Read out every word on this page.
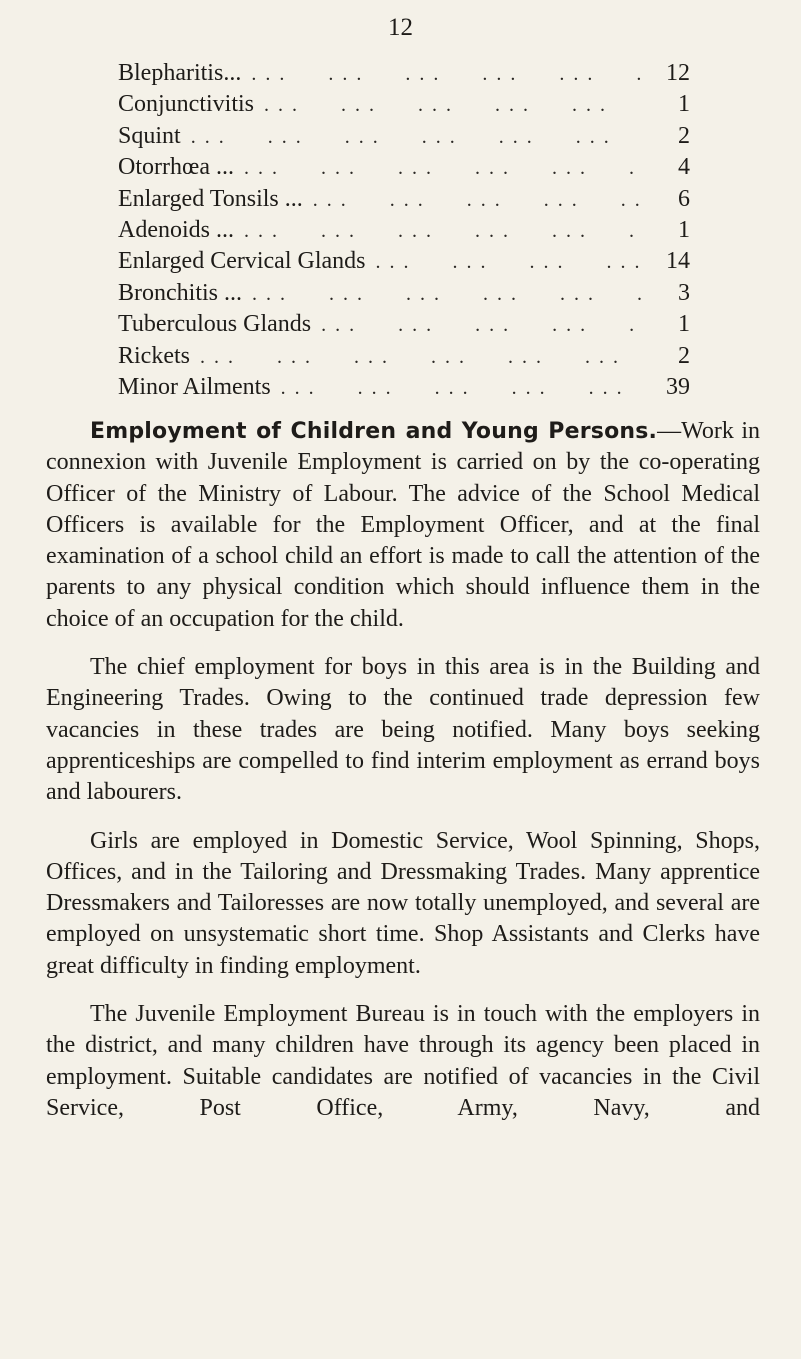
12
Blepharitis... . . .	12
Conjunctivitis . . .	1
Squint . . .	2
Otorrhœa ... . . .	4
Enlarged Tonsils ... . . .	6
Adenoids ... . . .	1
Enlarged Cervical Glands . . .	14
Bronchitis ... . . .	3
Tuberculous Glands . . .	1
Rickets . . .	2
Minor Ailments . . .	39

Employment of Children and Young Persons.—Work in connexion with Juvenile Employment is carried on by the co-operating Officer of the Ministry of Labour. The advice of the School Medical Officers is available for the Employment Officer, and at the final examination of a school child an effort is made to call the attention of the parents to any physical condition which should influence them in the choice of an occupation for the child.

The chief employment for boys in this area is in the Building and Engineering Trades. Owing to the continued trade depression few vacancies in these trades are being notified. Many boys seeking apprenticeships are compelled to find interim employment as errand boys and labourers.

Girls are employed in Domestic Service, Wool Spinning, Shops, Offices, and in the Tailoring and Dressmaking Trades. Many apprentice Dressmakers and Tailoresses are now totally unemployed, and several are employed on unsystematic short time. Shop Assistants and Clerks have great difficulty in finding employment.

The Juvenile Employment Bureau is in touch with the employers in the district, and many children have through its agency been placed in employment. Suitable candidates are notified of vacancies in the Civil Service, Post Office, Army, Navy, and
